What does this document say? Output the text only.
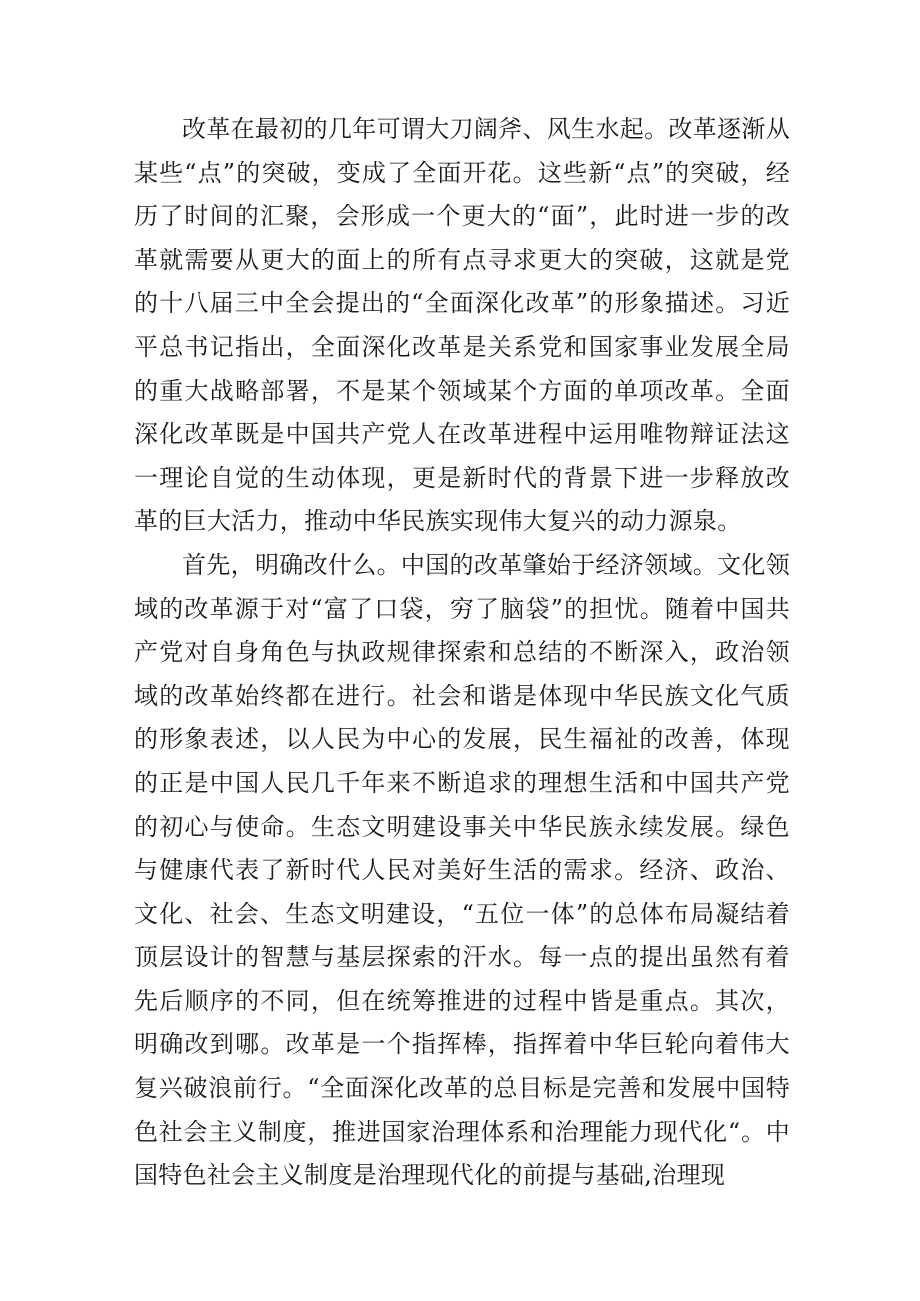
改革在最初的几年可谓大刀阔斧、风生水起。改革逐渐从某些“点”的突破，变成了全面开花。这些新“点”的突破，经历了时间的汇聚，会形成一个更大的“面”，此时进一步的改革就需要从更大的面上的所有点寻求更大的突破，这就是党的十八届三中全会提出的“全面深化改革”的形象描述。习近平总书记指出，全面深化改革是关系党和国家事业发展全局的重大战略部署，不是某个领域某个方面的单项改革。全面深化改革既是中国共产党人在改革进程中运用唯物辩证法这一理论自觉的生动体现，更是新时代的背景下进一步释放改革的巨大活力，推动中华民族实现伟大复兴的动力源泉。

首先，明确改什么。中国的改革肇始于经济领域。文化领域的改革源于对“富了口袋，穷了脑袋”的担忧。随着中国共产党对自身角色与执政规律探索和总结的不断深入，政治领域的改革始终都在进行。社会和谐是体现中华民族文化气质的形象表述，以人民为中心的发展，民生福祉的改善，体现的正是中国人民几千年来不断追求的理想生活和中国共产党的初心与使命。生态文明建设事关中华民族永续发展。绿色与健康代表了新时代人民对美好生活的需求。经济、政治、文化、社会、生态文明建设，“五位一体”的总体布局凝结着顶层设计的智慧与基层探索的汗水。每一点的提出虽然有着先后顺序的不同，但在统筹推进的过程中皆是重点。其次，明确改到哪。改革是一个指挥棒，指挥着中华巨轮向着伟大复兴破浪前行。“全面深化改革的总目标是完善和发展中国特色社会主义制度，推进国家治理体系和治理能力现代化“。中国特色社会主义制度是治理现代化的前提与基础,治理现
